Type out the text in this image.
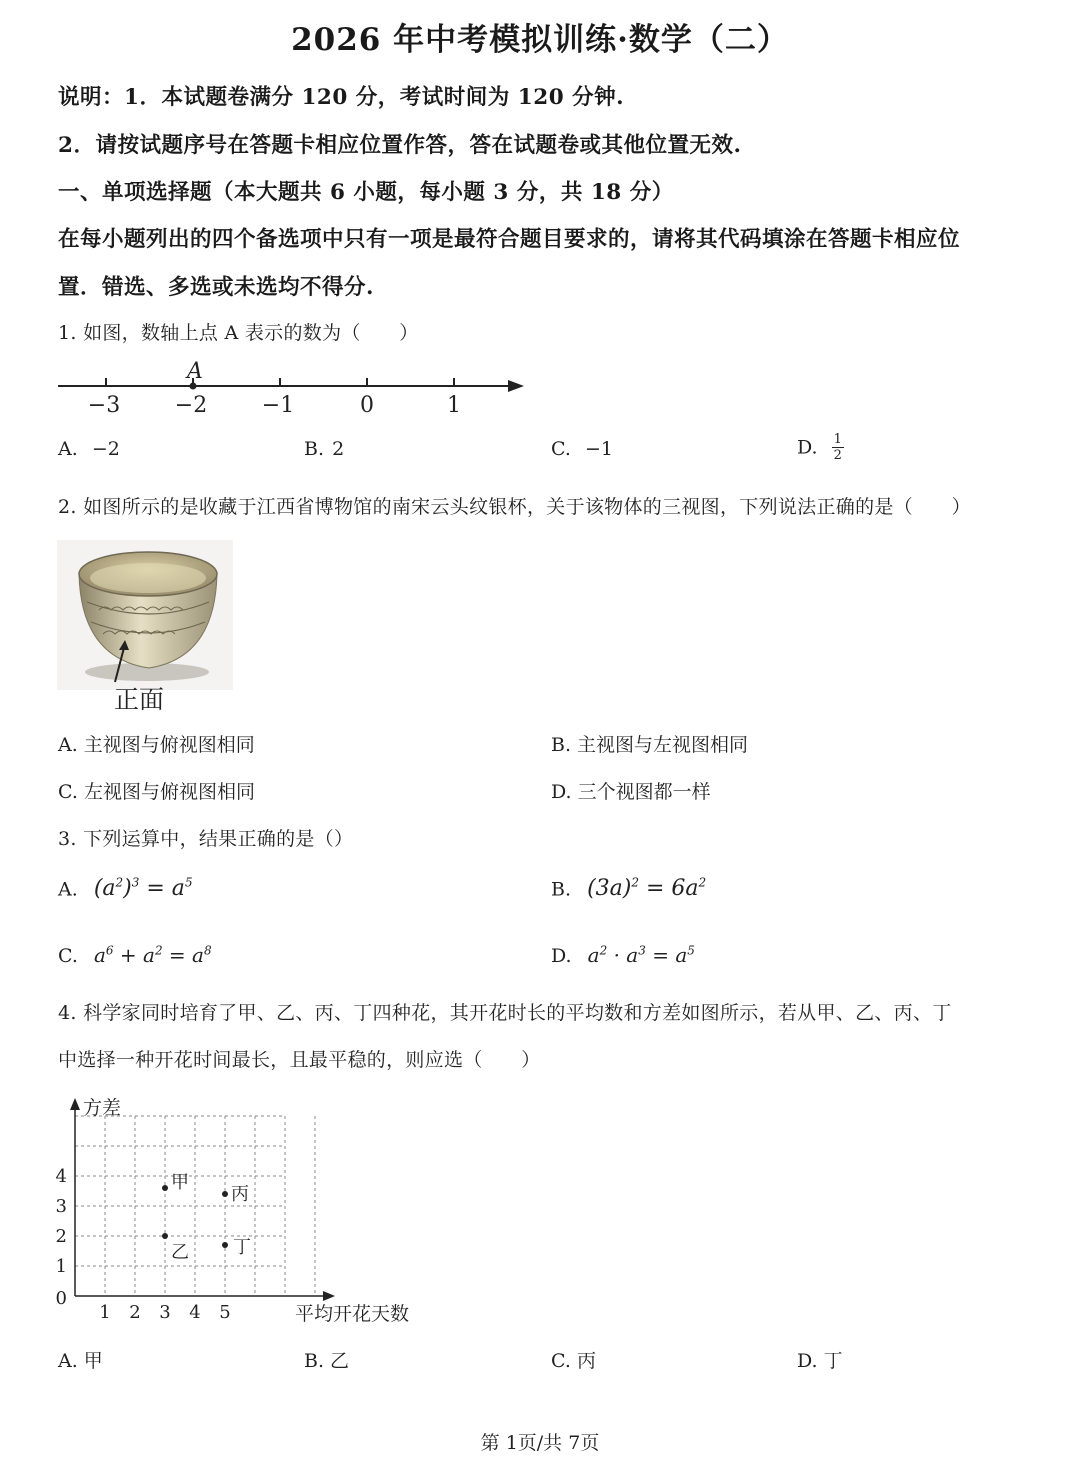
2026 年中考模拟训练·数学（二）
说明：1．本试题卷满分 120 分，考试时间为 120 分钟.
2．请按试题序号在答题卡相应位置作答，答在试题卷或其他位置无效.
一、单项选择题（本大题共 6 小题，每小题 3 分，共 18 分）
在每小题列出的四个备选项中只有一项是最符合题目要求的，请将其代码填涂在答题卡相应位
置．错选、多选或未选均不得分.
1. 如图，数轴上点 A 表示的数为（　　）
A
−3 −2 −1	0	1
A. −2	B. 2	C. −1	D. $\frac{1}{2}$
2. 如图所示的是收藏于江西省博物馆的南宋云头纹银杯，关于该物体的三视图，下列说法正确的是（　　）
正面
A. 主视图与俯视图相同	B. 主视图与左视图相同
C. 左视图与俯视图相同	D. 三个视图都一样
3. 下列运算中，结果正确的是（）
A. $(a^2)^3 = a^5$	B. $(3a)^2 = 6a^2$
C. $a^6 + a^2 = a^8$	D. $a^2 \cdot a^3 = a^5$
4. 科学家同时培育了甲、乙、丙、丁四种花，其开花时长的平均数和方差如图所示，若从甲、乙、丙、丁
中选择一种开花时间最长，且最平稳的，则应选（　　）
方差
平均开花天数
1 2 3 4 5
0
1
2
3
4	甲
乙
丙
丁
A. 甲	B. 乙	C. 丙	D. 丁
第 1页/共 7页
